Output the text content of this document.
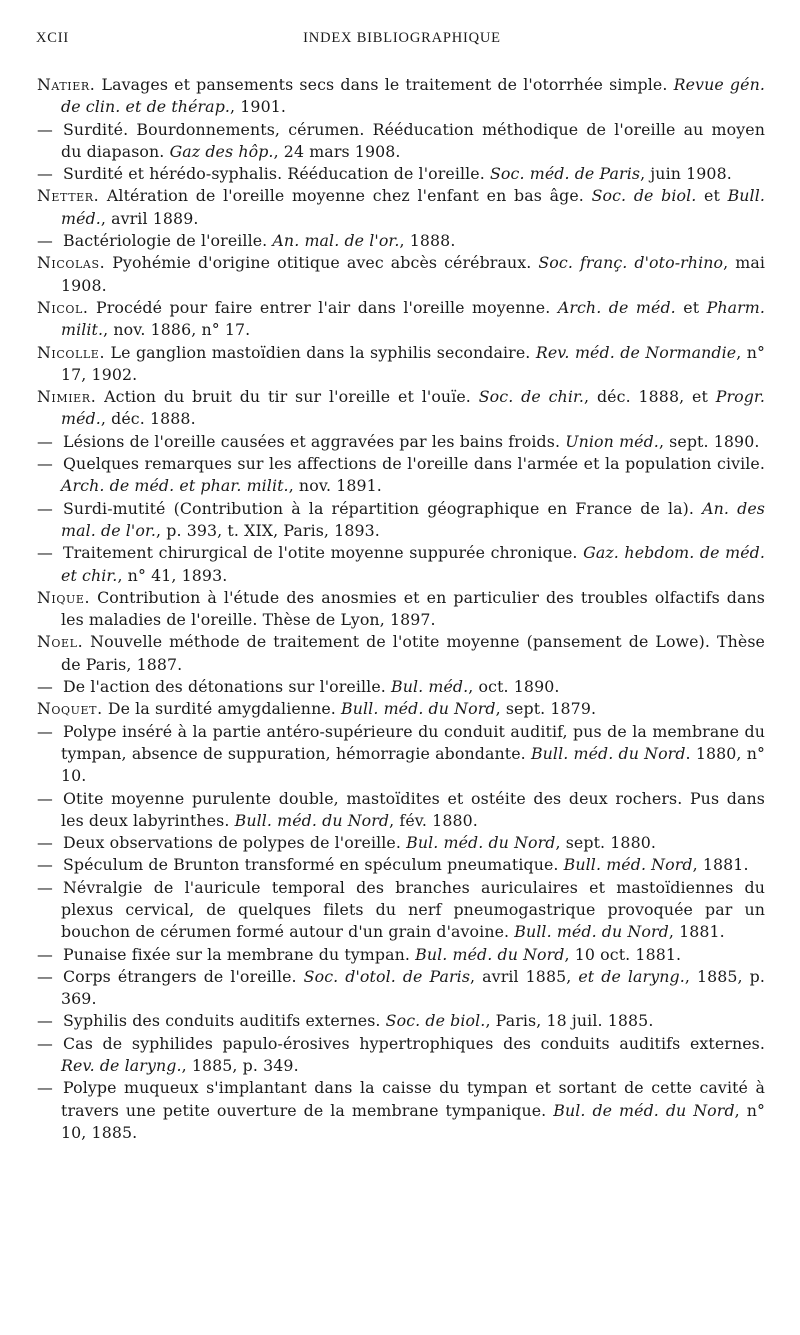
XCII	INDEX BIBLIOGRAPHIQUE
Natier. Lavages et pansements secs dans le traitement de l'otorrhée simple. Revue gén. de clin. et de thérap., 1901.
— Surdité. Bourdonnements, cérumen. Rééducation méthodique de l'oreille au moyen du diapason. Gaz des hôp., 24 mars 1908.
— Surdité et hérédo-syphalis. Rééducation de l'oreille. Soc. méd. de Paris, juin 1908.
Netter. Altération de l'oreille moyenne chez l'enfant en bas âge. Soc. de biol. et Bull. méd., avril 1889.
— Bactériologie de l'oreille. An. mal. de l'or., 1888.
Nicolas. Pyohémie d'origine otitique avec abcès cérébraux. Soc. franç. d'oto-rhino, mai 1908.
Nicol. Procédé pour faire entrer l'air dans l'oreille moyenne. Arch. de méd. et Pharm. milit., nov. 1886, n° 17.
Nicolle. Le ganglion mastoïdien dans la syphilis secondaire. Rev. méd. de Normandie, n° 17, 1902.
Nimier. Action du bruit du tir sur l'oreille et l'ouïe. Soc. de chir., déc. 1888, et Progr. méd., déc. 1888.
— Lésions de l'oreille causées et aggravées par les bains froids. Union méd., sept. 1890.
— Quelques remarques sur les affections de l'oreille dans l'armée et la population civile. Arch. de méd. et phar. milit., nov. 1891.
— Surdi-mutité (Contribution à la répartition géographique en France de la). An. des mal. de l'or., p. 393, t. XIX, Paris, 1893.
— Traitement chirurgical de l'otite moyenne suppurée chronique. Gaz. hebdom. de méd. et chir., n° 41, 1893.
Nique. Contribution à l'étude des anosmies et en particulier des troubles olfactifs dans les maladies de l'oreille. Thèse de Lyon, 1897.
Noel. Nouvelle méthode de traitement de l'otite moyenne (pansement de Lowe). Thèse de Paris, 1887.
— De l'action des détonations sur l'oreille. Bul. méd., oct. 1890.
Noquet. De la surdité amygdalienne. Bull. méd. du Nord, sept. 1879.
— Polype inséré à la partie antéro-supérieure du conduit auditif, pus de la membrane du tympan, absence de suppuration, hémorragie abondante. Bull. méd. du Nord. 1880, n° 10.
— Otite moyenne purulente double, mastoïdites et ostéite des deux rochers. Pus dans les deux labyrinthes. Bull. méd. du Nord, fév. 1880.
— Deux observations de polypes de l'oreille. Bul. méd. du Nord, sept. 1880.
— Spéculum de Brunton transformé en spéculum pneumatique. Bull. méd. Nord, 1881.
— Névralgie de l'auricule temporal des branches auriculaires et mastoïdiennes du plexus cervical, de quelques filets du nerf pneumogastrique provoquée par un bouchon de cérumen formé autour d'un grain d'avoine. Bull. méd. du Nord, 1881.
— Punaise fixée sur la membrane du tympan. Bul. méd. du Nord, 10 oct. 1881.
— Corps étrangers de l'oreille. Soc. d'otol. de Paris, avril 1885, et de laryng., 1885, p. 369.
— Syphilis des conduits auditifs externes. Soc. de biol., Paris, 18 juil. 1885.
— Cas de syphilides papulo-érosives hypertrophiques des conduits auditifs externes. Rev. de laryng., 1885, p. 349.
— Polype muqueux s'implantant dans la caisse du tympan et sortant de cette cavité à travers une petite ouverture de la membrane tympanique. Bul. de méd. du Nord, n° 10, 1885.
